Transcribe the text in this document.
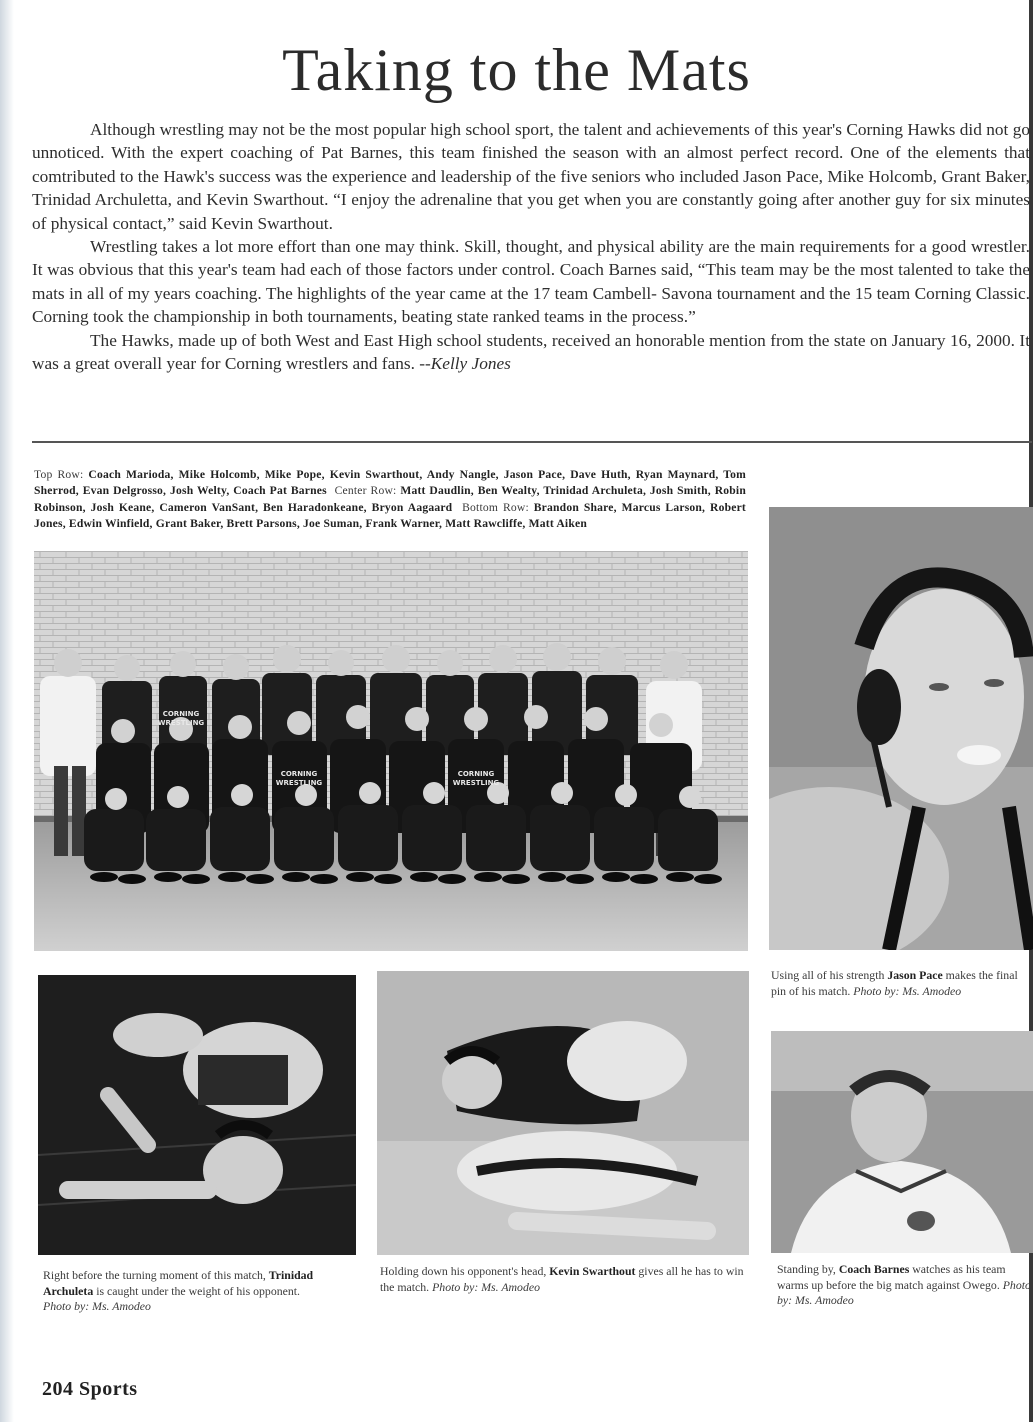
Taking to the Mats

Although wrestling may not be the most popular high school sport, the talent and achievements of this year's Corning Hawks did not go unnoticed. With the expert coaching of Pat Barnes, this team finished the season with an almost perfect record. One of the elements that comtributed to the Hawk's success was the experience and leadership of the five seniors who included Jason Pace, Mike Holcomb, Grant Baker, Trinidad Archuletta, and Kevin Swarthout. “I enjoy the adrenaline that you get when you are constantly going after another guy for six minutes of physical contact,” said Kevin Swarthout.

Wrestling takes a lot more effort than one may think. Skill, thought, and physical ability are the main requirements for a good wrestler. It was obvious that this year's team had each of those factors under control. Coach Barnes said, “This team may be the most talented to take the mats in all of my years coaching. The highlights of the year came at the 17 team Cambell- Savona tournament and the 15 team Corning Classic. Corning took the championship in both tournaments, beating state ranked teams in the process.”

The Hawks, made up of both West and East High school students, received an honorable mention from the state on January 16, 2000. It was a great overall year for Corning wrestlers and fans. --Kelly Jones

Top Row: Coach Marioda, Mike Holcomb, Mike Pope, Kevin Swarthout, Andy Nangle, Jason Pace, Dave Huth, Ryan Maynard, Tom Sherrod, Evan Delgrosso, Josh Welty, Coach Pat Barnes Center Row: Matt Daudlin, Ben Wealty, Trinidad Archuleta, Josh Smith, Robin Robinson, Josh Keane, Cameron VanSant, Ben Haradonkeane, Bryon Aagaard Bottom Row: Brandon Share, Marcus Larson, Robert Jones, Edwin Winfield, Grant Baker, Brett Parsons, Joe Suman, Frank Warner, Matt Rawcliffe, Matt Aiken
CORNING
WRESTLING
CORNING
WRESTLING
CORNING
WRESTLING
Using all of his strength Jason Pace makes the final pin of his match. Photo by: Ms. Amodeo
Right before the turning moment of this match, Trinidad Archuleta is caught under the weight of his opponent.
Photo by: Ms. Amodeo
Holding down his opponent's head, Kevin Swarthout gives all he has to win the match. Photo by: Ms. Amodeo
Standing by, Coach Barnes watches as his team warms up before the big match against Owego. Photo by: Ms. Amodeo
204 Sports
